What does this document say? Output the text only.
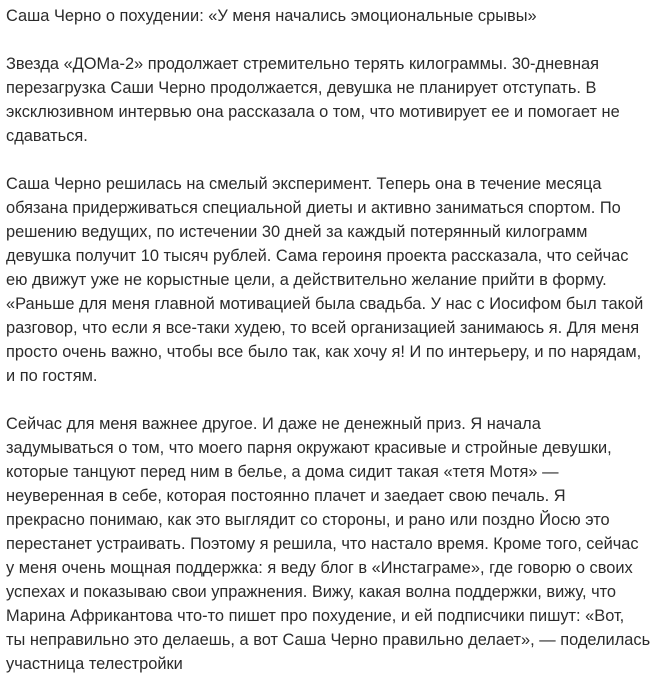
Саша Черно о похудении: «У меня начались эмоциональные срывы»

Звезда «ДОМа-2» продолжает стремительно терять килограммы. 30-дневная
перезагрузка Саши Черно продолжается, девушка не планирует отступать. В
эксклюзивном интервью она рассказала о том, что мотивирует ее и помогает не
сдаваться.

Саша Черно решилась на смелый эксперимент. Теперь она в течение месяца
обязана придерживаться специальной диеты и активно заниматься спортом. По
решению ведущих, по истечении 30 дней за каждый потерянный килограмм
девушка получит 10 тысяч рублей. Сама героиня проекта рассказала, что сейчас
ею движут уже не корыстные цели, а действительно желание прийти в форму.
«Раньше для меня главной мотивацией была свадьба. У нас с Иосифом был такой
разговор, что если я все-таки худею, то всей организацией занимаюсь я. Для меня
просто очень важно, чтобы все было так, как хочу я! И по интерьеру, и по нарядам,
и по гостям.

Сейчас для меня важнее другое. И даже не денежный приз. Я начала
задумываться о том, что моего парня окружают красивые и стройные девушки,
которые танцуют перед ним в белье, а дома сидит такая «тетя Мотя» —
неуверенная в себе, которая постоянно плачет и заедает свою печаль. Я
прекрасно понимаю, как это выглядит со стороны, и рано или поздно Йосю это
перестанет устраивать. Поэтому я решила, что настало время. Кроме того, сейчас
у меня очень мощная поддержка: я веду блог в «Инстаграме», где говорю о своих
успехах и показываю свои упражнения. Вижу, какая волна поддержки, вижу, что
Марина Африкантова что-то пишет про похудение, и ей подписчики пишут: «Вот,
ты неправильно это делаешь, а вот Саша Черно правильно делает», — поделилась
участница телестройки
